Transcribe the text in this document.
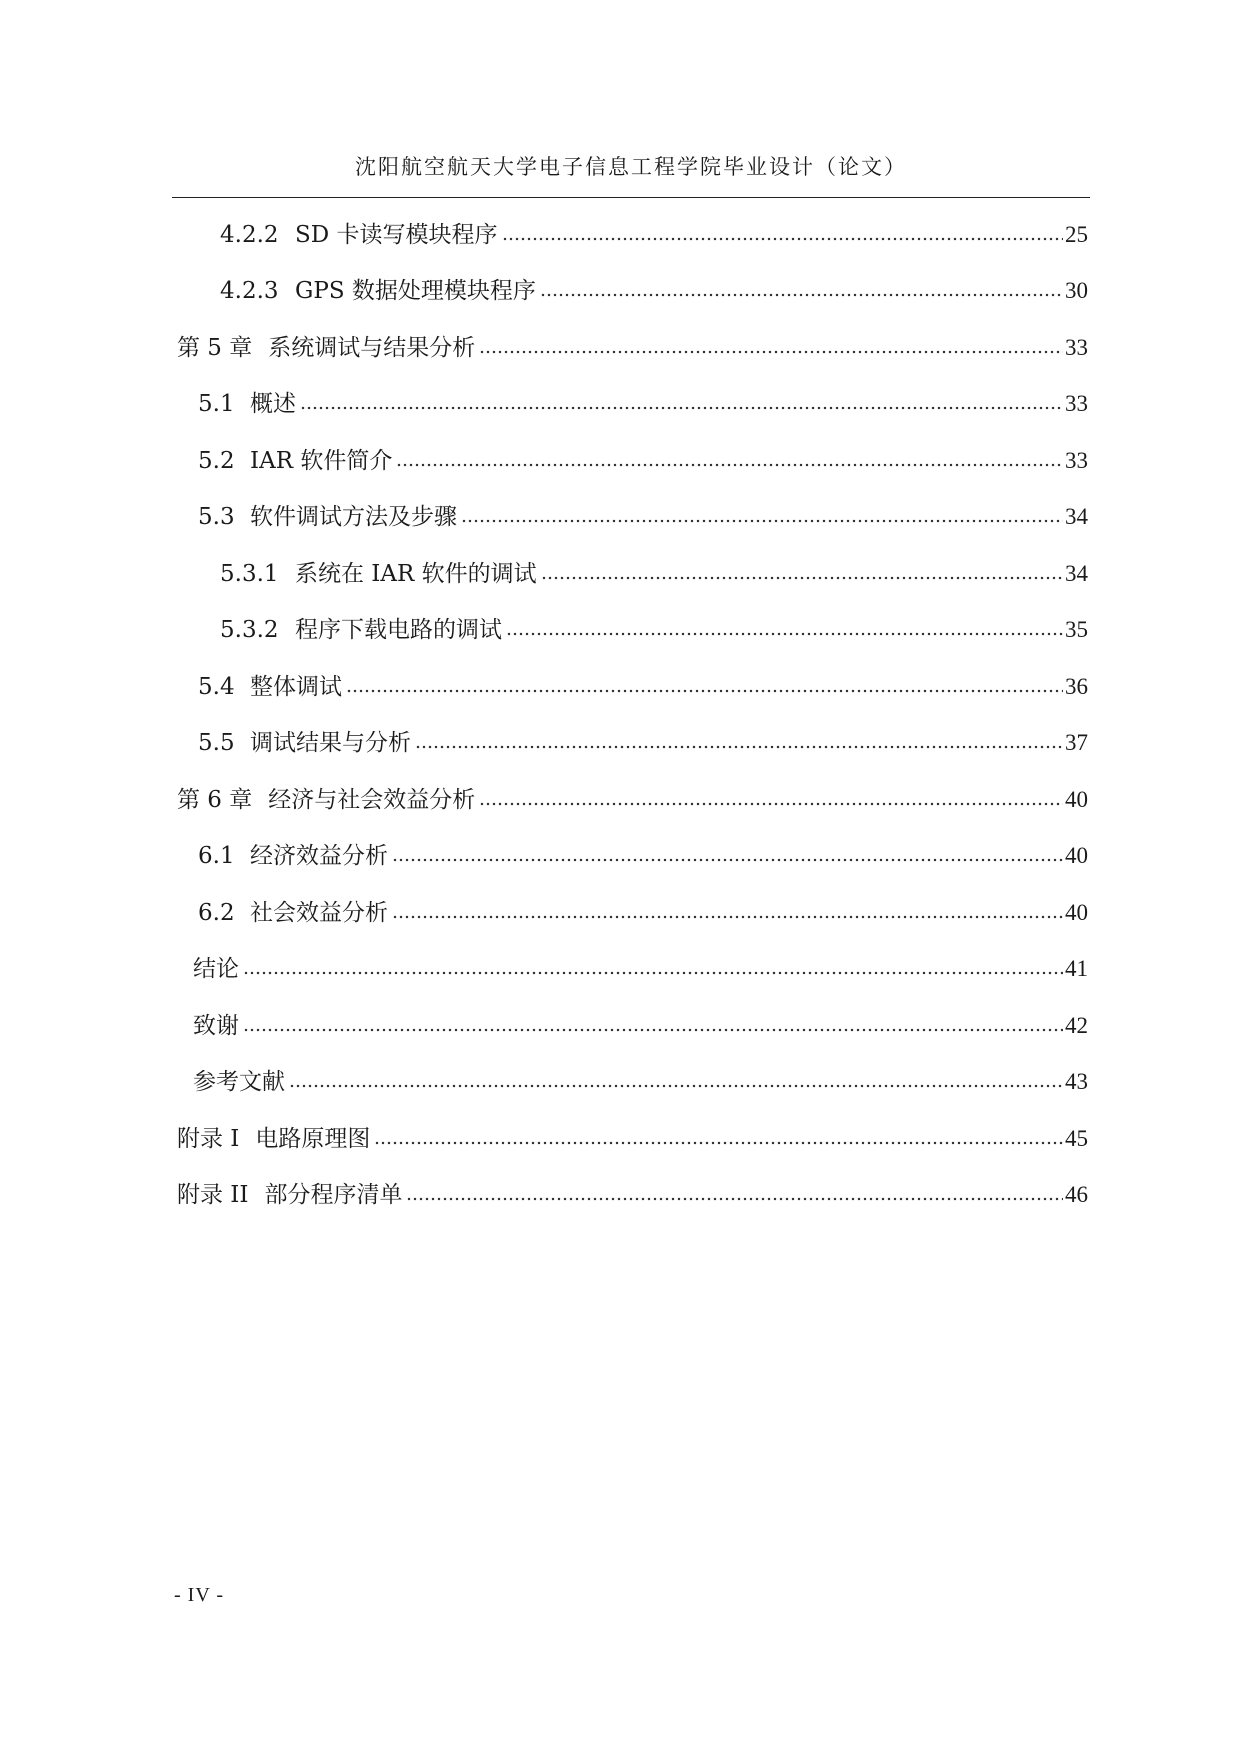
沈阳航空航天大学电子信息工程学院毕业设计（论文）
4.2.2 SD 卡读写模块程序	25
4.2.3 GPS 数据处理模块程序	30
第 5 章 系统调试与结果分析	33
5.1 概述	33
5.2 IAR 软件简介	33
5.3 软件调试方法及步骤	34
5.3.1 系统在 IAR 软件的调试	34
5.3.2 程序下载电路的调试	35
5.4 整体调试	36
5.5 调试结果与分析	37
第 6 章 经济与社会效益分析	40
6.1 经济效益分析	40
6.2 社会效益分析	40
结论	41
致谢	42
参考文献	43
附录 I 电路原理图	45
附录 II 部分程序清单	46
- IV -
